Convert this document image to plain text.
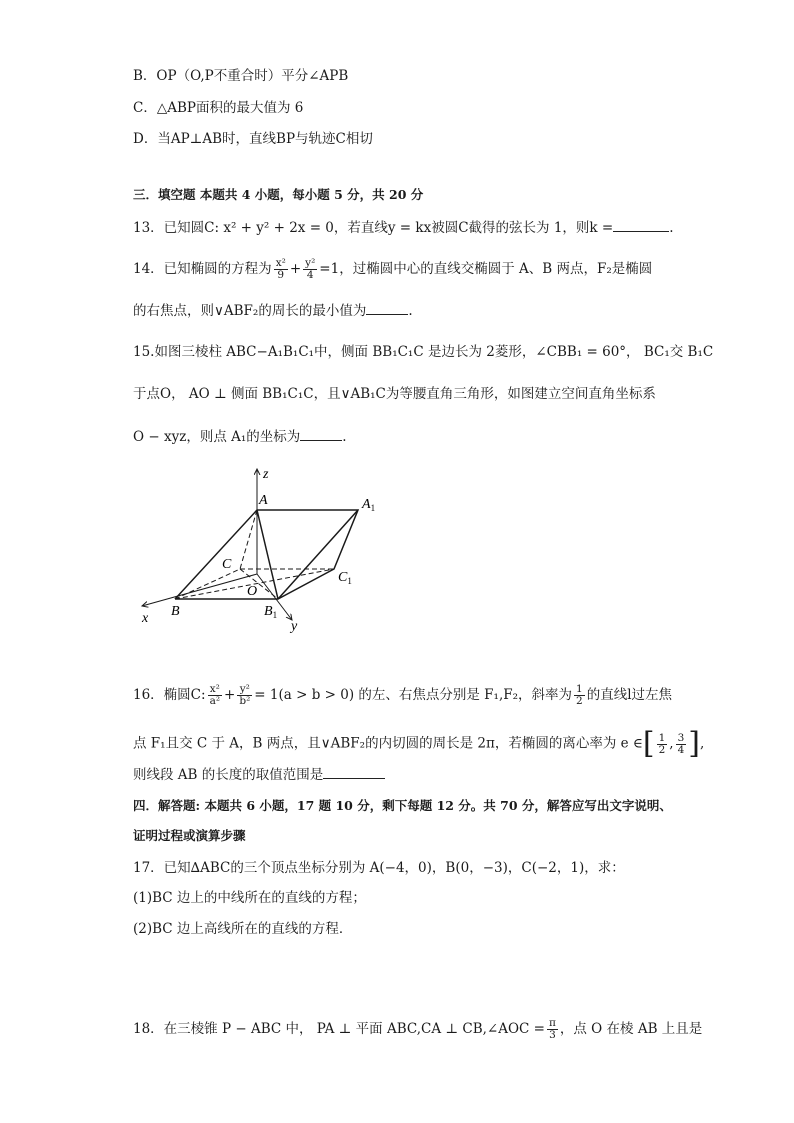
B．OP（O,P不重合时）平分∠APB
C．△ABP面积的最大值为 6
D．当AP⊥AB时，直线BP与轨迹C相切
三．填空题 本题共 4 小题，每小题 5 分，共 20 分
13．已知圆C: x² + y² + 2x = 0，若直线y = kx被圆C截得的弦长为 1，则k =	.
14．已知椭圆的方程为 $\frac{\text{x²}}{9} + \frac{\text{y²}}{4} =1$，过椭圆中心的直线交椭圆于 A、B 两点，F₂是椭圆
的右焦点，则∨ABF₂的周长的最小值为	.
15.如图三棱柱 ABC−A₁B₁C₁中，侧面 BB₁C₁C 是边长为 2菱形，∠CBB₁ = 60°， BC₁交 B₁C
于点O， AO ⊥ 侧面 BB₁C₁C，且∨AB₁C为等腰直角三角形，如图建立空间直角坐标系
O − xyz，则点 A₁的坐标为	.
z
A	$A_1$
C
$C_1$
O
B	$B_1$
x
y
16．椭圆C: $\frac{\text{x²}}{\text{a²}} + \frac{\text{y²}}{\text{b²}} = 1(a > b > 0)$ 的左、右焦点分别是 F₁,F₂，斜率为 $\frac{1}{2}$ 的直线l过左焦
点 F₁且交 C 于 A，B 两点，且∨ABF₂的内切圆的周长是 2π，若椭圆的离心率为 e ∈[ $\frac{1}{2}$ , $\frac{3}{4}$ ],
则线段 AB 的长度的取值范围是
四．解答题: 本题共 6 小题，17 题 10 分，剩下每题 12 分。共 70 分，解答应写出文字说明、
证明过程或演算步骤
17．已知∆ABC的三个顶点坐标分别为 A(−4，0)，B(0，−3)，C(−2，1)，求：
(1)BC 边上的中线所在的直线的方程；
(2)BC 边上高线所在的直线的方程．
18．在三棱锥 P − ABC 中， PA ⊥ 平面 ABC,CA ⊥ CB,∠AOC = $\frac{\pi}{3}$ ，点 O 在棱 AB 上且是
